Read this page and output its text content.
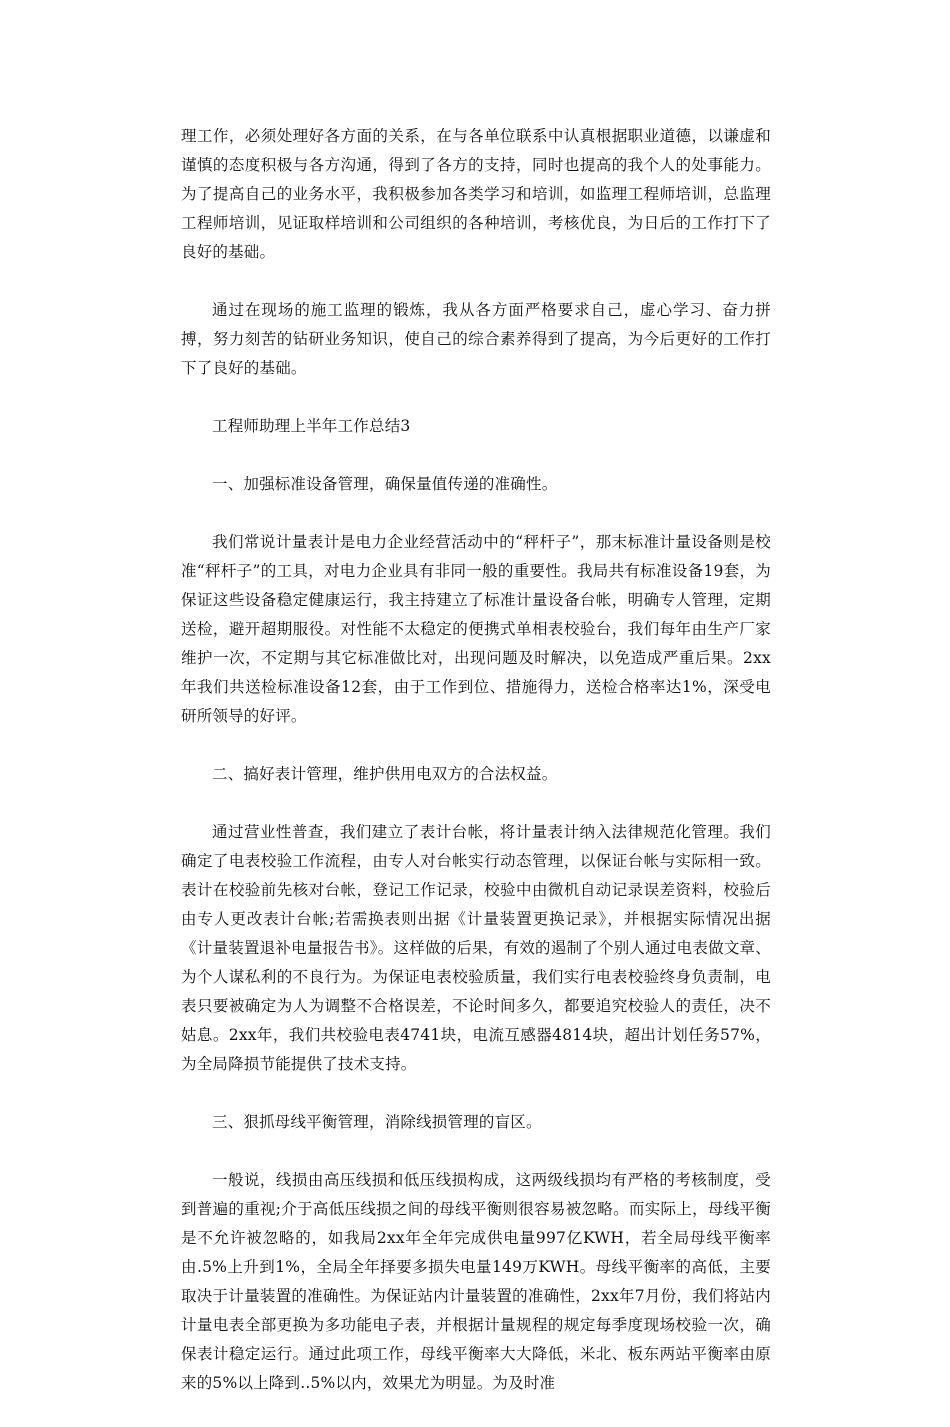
理工作，必须处理好各方面的关系，在与各单位联系中认真根据职业道德，以谦虚和谨慎的态度积极与各方沟通，得到了各方的支持，同时也提高的我个人的处事能力。为了提高自己的业务水平，我积极参加各类学习和培训，如监理工程师培训，总监理工程师培训，见证取样培训和公司组织的各种培训，考核优良，为日后的工作打下了良好的基础。

通过在现场的施工监理的锻炼，我从各方面严格要求自己，虚心学习、奋力拼搏，努力刻苦的钻研业务知识，使自己的综合素养得到了提高，为今后更好的工作打下了良好的基础。

工程师助理上半年工作总结3

一、加强标准设备管理，确保量值传递的准确性。

我们常说计量表计是电力企业经营活动中的“秤杆子”，那末标准计量设备则是校准“秤杆子”的工具，对电力企业具有非同一般的重要性。我局共有标准设备19套，为保证这些设备稳定健康运行，我主持建立了标准计量设备台帐，明确专人管理，定期送检，避开超期服役。对性能不太稳定的便携式单相表校验台，我们每年由生产厂家维护一次，不定期与其它标准做比对，出现问题及时解决，以免造成严重后果。2xx年我们共送检标准设备12套，由于工作到位、措施得力，送检合格率达1%，深受电研所领导的好评。

二、搞好表计管理，维护供用电双方的合法权益。

通过营业性普查，我们建立了表计台帐，将计量表计纳入法律规范化管理。我们确定了电表校验工作流程，由专人对台帐实行动态管理，以保证台帐与实际相一致。表计在校验前先核对台帐，登记工作记录，校验中由微机自动记录误差资料，校验后由专人更改表计台帐;若需换表则出据《计量装置更换记录》，并根据实际情况出据《计量装置退补电量报告书》。这样做的后果，有效的遏制了个别人通过电表做文章、为个人谋私利的不良行为。为保证电表校验质量，我们实行电表校验终身负责制，电表只要被确定为人为调整不合格误差，不论时间多久，都要追究校验人的责任，决不姑息。2xx年，我们共校验电表4741块，电流互感器4814块，超出计划任务57%，为全局降损节能提供了技术支持。

三、狠抓母线平衡管理，消除线损管理的盲区。

一般说，线损由高压线损和低压线损构成，这两级线损均有严格的考核制度，受到普遍的重视;介于高低压线损之间的母线平衡则很容易被忽略。而实际上，母线平衡是不允许被忽略的，如我局2xx年全年完成供电量997亿KWH，若全局母线平衡率由.5%上升到1%，全局全年择要多损失电量149万KWH。母线平衡率的高低，主要取决于计量装置的准确性。为保证站内计量装置的准确性，2xx年7月份，我们将站内计量电表全部更换为多功能电子表，并根据计量规程的规定每季度现场校验一次，确保表计稳定运行。通过此项工作，母线平衡率大大降低，米北、板东两站平衡率由原来的5%以上降到..5%以内，效果尤为明显。为及时准
